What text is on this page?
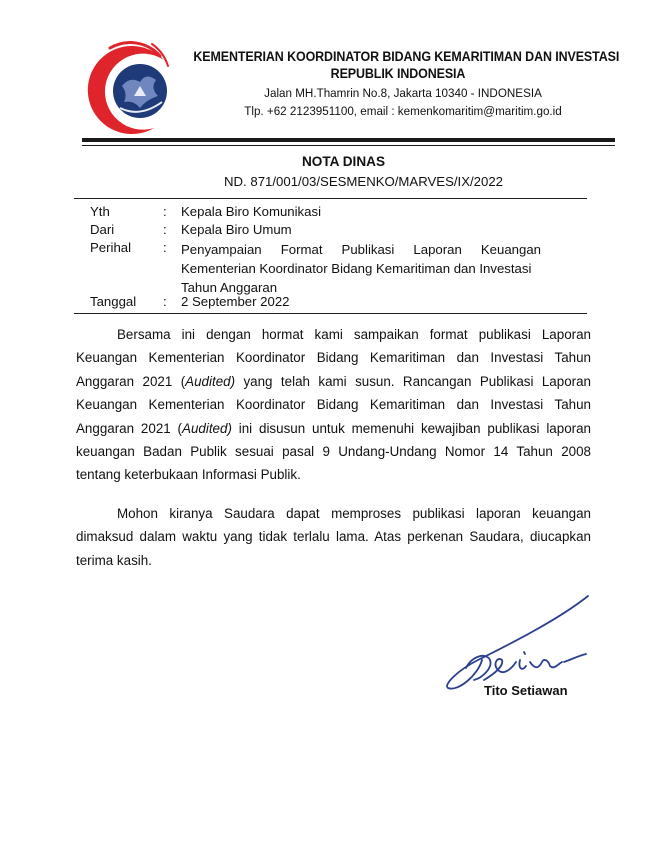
KEMENTERIAN KOORDINATOR BIDANG KEMARITIMAN DAN INVESTASI
REPUBLIK INDONESIA
Jalan MH.Thamrin No.8, Jakarta 10340 - INDONESIA
Tlp. +62 2123951100, email : kemenkomaritim@maritim.go.id
NOTA DINAS
ND. 871/001/03/SESMENKO/MARVES/IX/2022
Yth	: Kepala Biro Komunikasi
Dari	: Kepala Biro Umum
Perihal : Penyampaian Format Publikasi Laporan Keuangan
Kementerian Koordinator Bidang Kemaritiman dan Investasi
Tahun Anggaran
Tanggal : 2 September 2022
Bersama ini dengan hormat kami sampaikan format publikasi Laporan Keuangan Kementerian Koordinator Bidang Kemaritiman dan Investasi Tahun Anggaran 2021 (Audited) yang telah kami susun. Rancangan Publikasi Laporan Keuangan Kementerian Koordinator Bidang Kemaritiman dan Investasi Tahun Anggaran 2021 (Audited) ini disusun untuk memenuhi kewajiban publikasi laporan keuangan Badan Publik sesuai pasal 9 Undang-Undang Nomor 14 Tahun 2008 tentang keterbukaan Informasi Publik.
Mohon kiranya Saudara dapat memproses publikasi laporan keuangan dimaksud dalam waktu yang tidak terlalu lama. Atas perkenan Saudara, diucapkan terima kasih.
Tito Setiawan
